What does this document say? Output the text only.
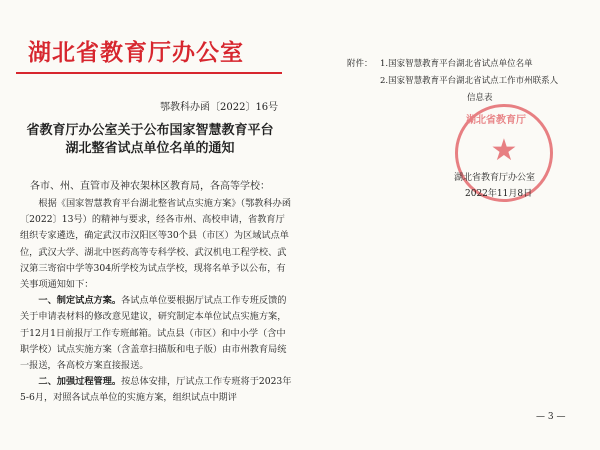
湖北省教育厅办公室
鄂教科办函〔2022〕16号
省教育厅办公室关于公布国家智慧教育平台
湖北整省试点单位名单的通知
各市、州、直管市及神农架林区教育局，各高等学校：

根据《国家智慧教育平台湖北整省试点实施方案》（鄂教科办函〔2022〕13号）的精神与要求，经各市州、高校申请，省教育厅组织专家遴选，确定武汉市汉阳区等30个县（市区）为区域试点单位，武汉大学、湖北中医药高等专科学校、武汉机电工程学校、武汉第三寄宿中学等304所学校为试点学校，现将名单予以公布，有关事项通知如下：

一、制定试点方案。各试点单位要根据厅试点工作专班反馈的关于申请表材料的修改意见建议，研究制定本单位试点实施方案，于12月1日前报厅工作专班邮箱。试点县（市区）和中小学（含中职学校）试点实施方案（含盖章扫描版和电子版）由市州教育局统一报送，各高校方案直接报送。

二、加强过程管理。按总体安排，厅试点工作专班将于2023年5-6月，对照各试点单位的实施方案，组织试点中期评

附件： 1.国家智慧教育平台湖北省试点单位名单
2.国家智慧教育平台湖北省试点工作市州联系人
信息表
湖北省教育厅
★
湖北省教育厅办公室
2022年11月8日
— 3 —
